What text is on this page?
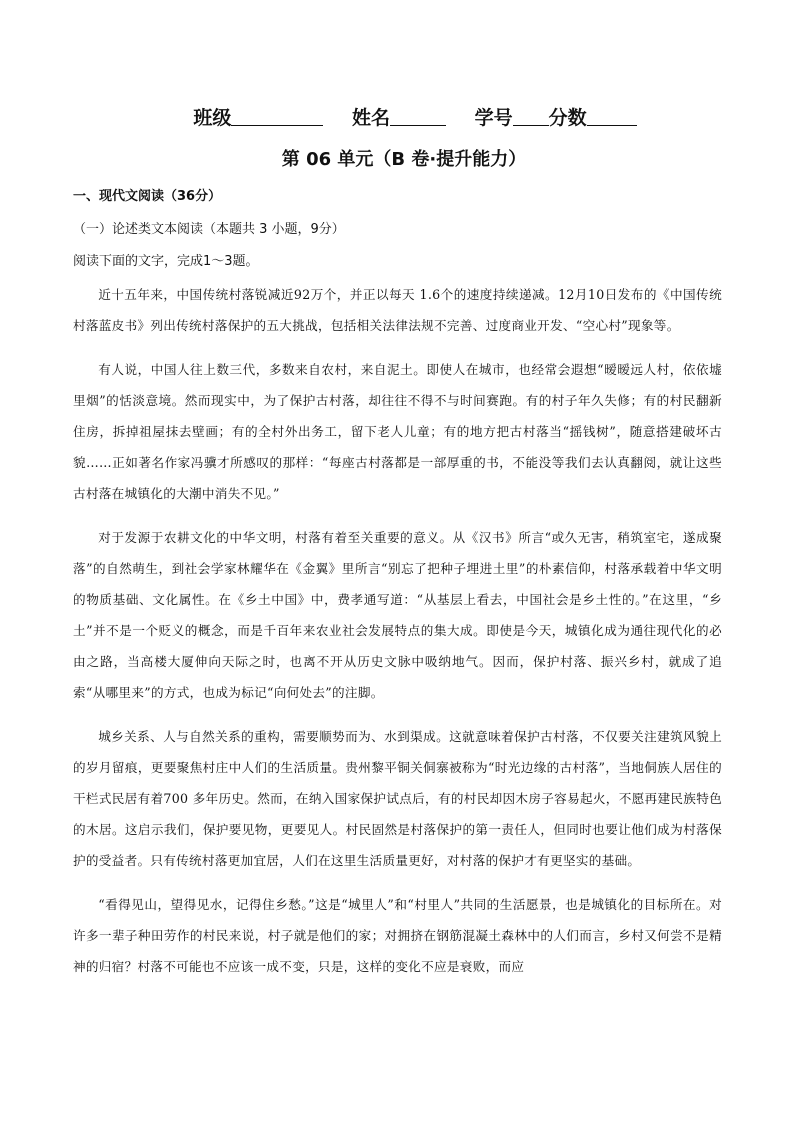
班级	姓名	学号 分数
第 06 单元（B 卷·提升能力）
一、现代文阅读（36分）
（一）论述类文本阅读（本题共 3 小题，9分）
阅读下面的文字，完成1～3题。

近十五年来，中国传统村落锐减近92万个，并正以每天 1.6个的速度持续递减。12月10日发布的《中国传统村落蓝皮书》列出传统村落保护的五大挑战，包括相关法律法规不完善、过度商业开发、“空心村”现象等。

有人说，中国人往上数三代，多数来自农村，来自泥土。即使人在城市，也经常会遐想“暧暧远人村，依依墟里烟”的恬淡意境。然而现实中，为了保护古村落，却往往不得不与时间赛跑。有的村子年久失修；有的村民翻新住房，拆掉祖屋抹去壁画；有的全村外出务工，留下老人儿童；有的地方把古村落当“摇钱树”，随意搭建破坏古貌……正如著名作家冯骥才所感叹的那样：“每座古村落都是一部厚重的书，不能没等我们去认真翻阅，就让这些古村落在城镇化的大潮中消失不见。”

对于发源于农耕文化的中华文明，村落有着至关重要的意义。从《汉书》所言“或久无害，稍筑室宅，遂成聚落”的自然萌生，到社会学家林耀华在《金翼》里所言“别忘了把种子埋进土里”的朴素信仰，村落承载着中华文明的物质基础、文化属性。在《乡土中国》中，费孝通写道：“从基层上看去，中国社会是乡土性的。”在这里，“乡土”并不是一个贬义的概念，而是千百年来农业社会发展特点的集大成。即使是今天，城镇化成为通往现代化的必由之路，当高楼大厦伸向天际之时，也离不开从历史文脉中吸纳地气。因而，保护村落、振兴乡村，就成了追索“从哪里来”的方式，也成为标记“向何处去”的注脚。

城乡关系、人与自然关系的重构，需要顺势而为、水到渠成。这就意味着保护古村落，不仅要关注建筑风貌上的岁月留痕，更要聚焦村庄中人们的生活质量。贵州黎平铜关侗寨被称为“时光边缘的古村落”，当地侗族人居住的干栏式民居有着700 多年历史。然而，在纳入国家保护试点后，有的村民却因木房子容易起火，不愿再建民族特色的木居。这启示我们，保护要见物，更要见人。村民固然是村落保护的第一责任人，但同时也要让他们成为村落保护的受益者。只有传统村落更加宜居，人们在这里生活质量更好，对村落的保护才有更坚实的基础。

“看得见山，望得见水，记得住乡愁。”这是“城里人”和“村里人”共同的生活愿景，也是城镇化的目标所在。对许多一辈子种田劳作的村民来说，村子就是他们的家；对拥挤在钢筋混凝土森林中的人们而言，乡村又何尝不是精神的归宿？村落不可能也不应该一成不变，只是，这样的变化不应是衰败，而应
